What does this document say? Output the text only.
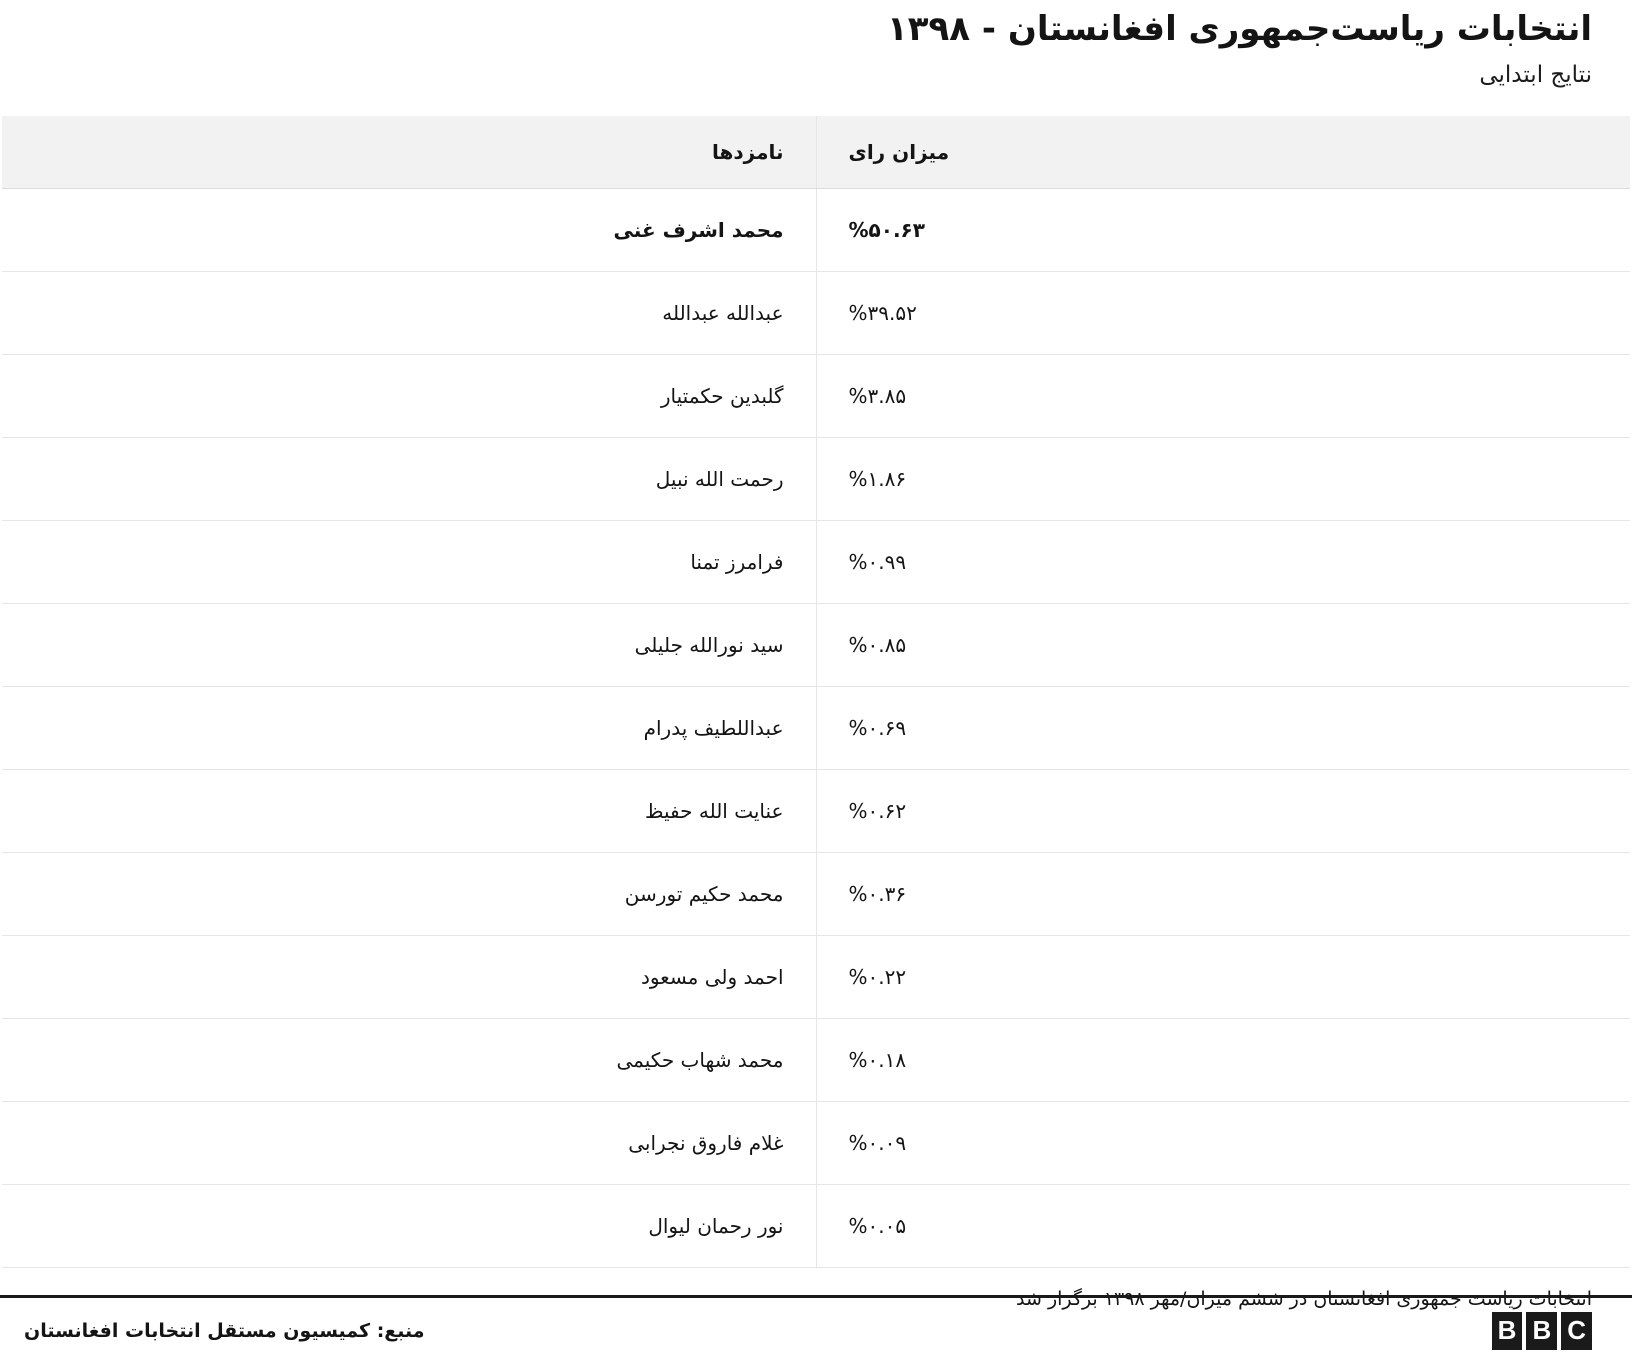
انتخابات ریاست‌جمهوری افغانستان - ۱۳۹۸
نتایج ابتدایی
میزان رای	نامزدها
%۵۰.۶۳	محمد اشرف غنی
%۳۹.۵۲	عبدالله عبدالله
%۳.۸۵	گلبدین حکمتیار
%۱.۸۶	رحمت الله نبیل
%۰.۹۹	فرامرز تمنا
%۰.۸۵	سید نورالله جلیلی
%۰.۶۹	عبداللطیف پدرام
%۰.۶۲	عنایت الله حفیظ
%۰.۳۶	محمد حکیم تورسن
%۰.۲۲	احمد ولی مسعود
%۰.۱۸	محمد شهاب حکیمی
%۰.۰۹	غلام فاروق نجرابی
%۰.۰۵	نور رحمان لیوال
انتخابات ریاست جمهوری افغانستان در ششم میزان/مهر ۱۳۹۸ برگزار شد
منبع: کمیسیون مستقل انتخابات افغانستان	B B C
